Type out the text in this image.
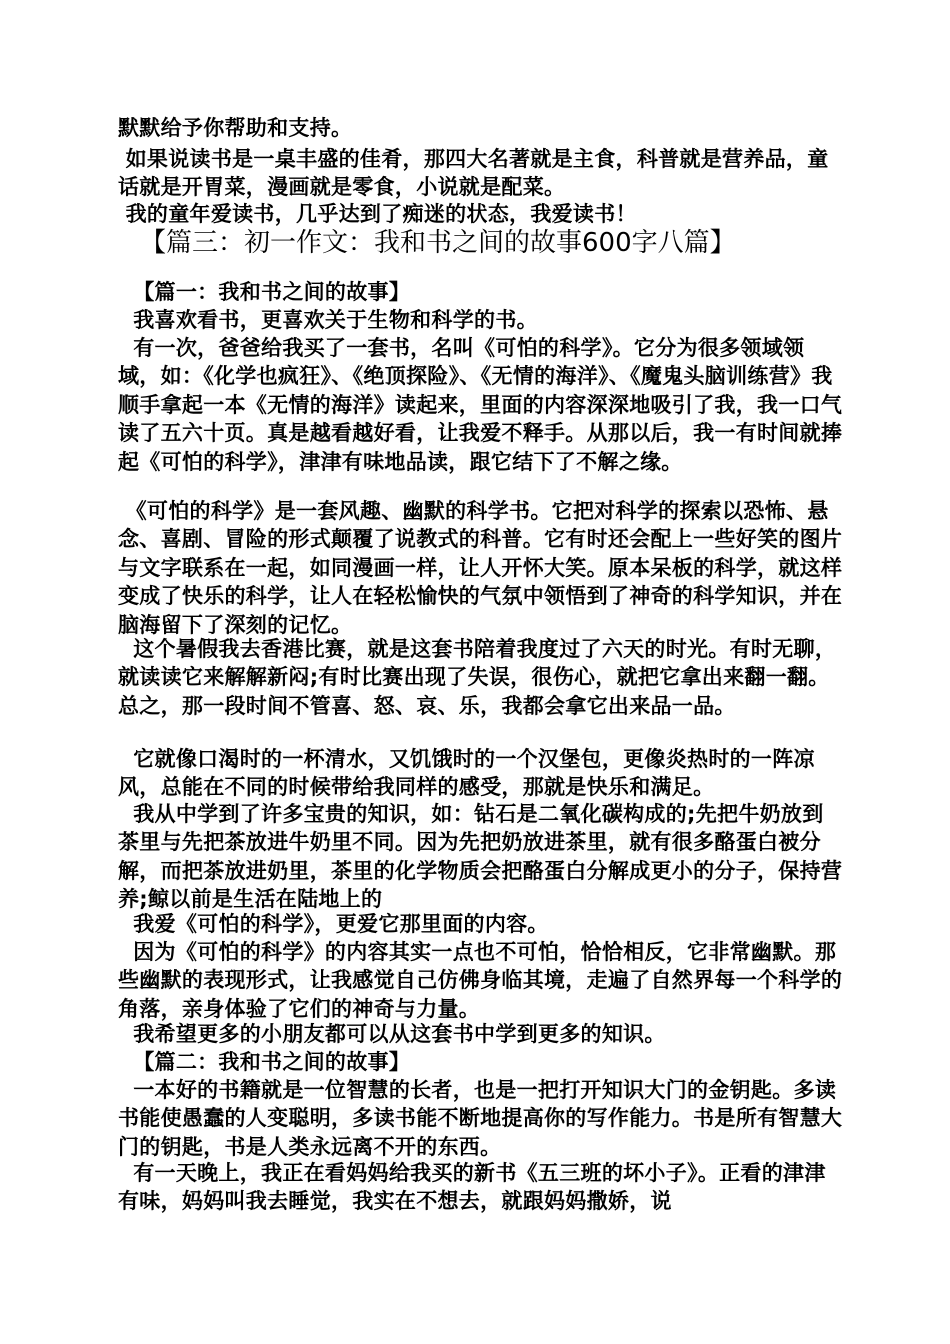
默默给予你帮助和支持。

如果说读书是一桌丰盛的佳肴，那四大名著就是主食，科普就是营养品，童话就是开胃菜，漫画就是零食，小说就是配菜。

我的童年爱读书，几乎达到了痴迷的状态，我爱读书！

【篇三：初一作文：我和书之间的故事600字八篇】

【篇一：我和书之间的故事】

我喜欢看书，更喜欢关于生物和科学的书。

有一次，爸爸给我买了一套书，名叫《可怕的科学》。它分为很多领域领域，如：《化学也疯狂》、《绝顶探险》、《无情的海洋》、《魔鬼头脑训练营》我顺手拿起一本《无情的海洋》读起来，里面的内容深深地吸引了我，我一口气读了五六十页。真是越看越好看，让我爱不释手。从那以后，我一有时间就捧起《可怕的科学》，津津有味地品读，跟它结下了不解之缘。

《可怕的科学》是一套风趣、幽默的科学书。它把对科学的探索以恐怖、悬念、喜剧、冒险的形式颠覆了说教式的科普。它有时还会配上一些好笑的图片与文字联系在一起，如同漫画一样，让人开怀大笑。原本呆板的科学，就这样变成了快乐的科学，让人在轻松愉快的气氛中领悟到了神奇的科学知识，并在脑海留下了深刻的记忆。

这个暑假我去香港比赛，就是这套书陪着我度过了六天的时光。有时无聊，就读读它来解解新闷;有时比赛出现了失误，很伤心，就把它拿出来翻一翻。总之，那一段时间不管喜、怒、哀、乐，我都会拿它出来品一品。

它就像口渴时的一杯清水，又饥饿时的一个汉堡包，更像炎热时的一阵凉风，总能在不同的时候带给我同样的感受，那就是快乐和满足。

我从中学到了许多宝贵的知识，如：钻石是二氧化碳构成的;先把牛奶放到茶里与先把茶放进牛奶里不同。因为先把奶放进茶里，就有很多酪蛋白被分解，而把茶放进奶里，茶里的化学物质会把酪蛋白分解成更小的分子，保持营养;鲸以前是生活在陆地上的

我爱《可怕的科学》，更爱它那里面的内容。

因为《可怕的科学》的内容其实一点也不可怕，恰恰相反，它非常幽默。那些幽默的表现形式，让我感觉自己仿佛身临其境，走遍了自然界每一个科学的角落，亲身体验了它们的神奇与力量。

我希望更多的小朋友都可以从这套书中学到更多的知识。

【篇二：我和书之间的故事】

一本好的书籍就是一位智慧的长者，也是一把打开知识大门的金钥匙。多读书能使愚蠢的人变聪明，多读书能不断地提高你的写作能力。书是所有智慧大门的钥匙，书是人类永远离不开的东西。

有一天晚上，我正在看妈妈给我买的新书《五三班的坏小子》。正看的津津有味，妈妈叫我去睡觉，我实在不想去，就跟妈妈撒娇，说
